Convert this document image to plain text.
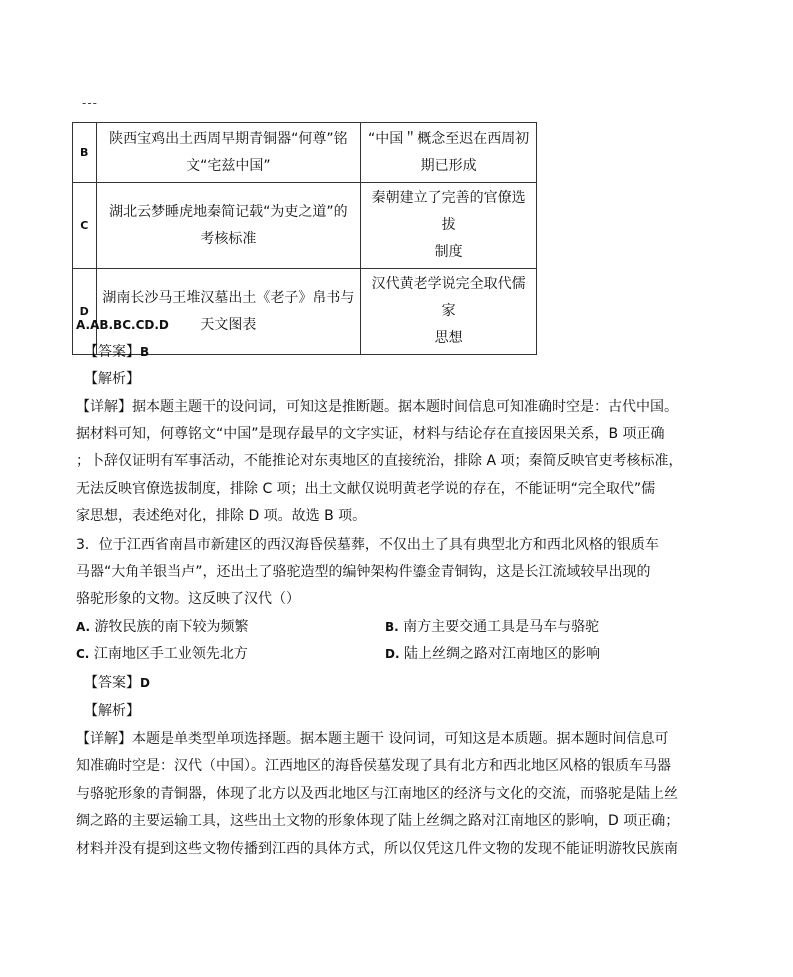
---
B	陕西宝鸡出土西周早期青铜器“何尊”铭
文“宅兹中国”	“中国＂概念至迟在西周初
期已形成
C	湖北云梦睡虎地秦简记载“为吏之道”的
考核标准	秦朝建立了完善的官僚选拔
制度
D	湖南长沙马王堆汉墓出土《老子》帛书与
天文图表	汉代黄老学说完全取代儒家
思想
A.AB.BC.CD.D
【答案】B
【解析】
【详解】据本题主题干的设问词，可知这是推断题。据本题时间信息可知准确时空是：古代中国。
据材料可知，何尊铭文“中国”是现存最早的文字实证，材料与结论存在直接因果关系，B 项正确
；卜辞仅证明有军事活动，不能推论对东夷地区的直接统治，排除 A 项；秦简反映官吏考核标准，
无法反映官僚选拔制度，排除 C 项；出土文献仅说明黄老学说的存在，不能证明“完全取代”儒
家思想，表述绝对化，排除 D 项。故选 B 项。
3．位于江西省南昌市新建区的西汉海昏侯墓葬，不仅出土了具有典型北方和西北风格的银质车
马器“大角羊银当卢”，还出土了骆驼造型的编钟架构件鎏金青铜钩，这是长江流域较早出现的
骆驼形象的文物。这反映了汉代（）
A. 游牧民族的南下较为频繁	B. 南方主要交通工具是马车与骆驼
C. 江南地区手工业领先北方	D. 陆上丝绸之路对江南地区的影响
【答案】D
【解析】
【详解】本题是单类型单项选择题。据本题主题干 设问词，可知这是本质题。据本题时间信息可
知准确时空是：汉代（中国）。江西地区的海昏侯墓发现了具有北方和西北地区风格的银质车马器
与骆驼形象的青铜器，体现了北方以及西北地区与江南地区的经济与文化的交流，而骆驼是陆上丝
绸之路的主要运输工具，这些出土文物的形象体现了陆上丝绸之路对江南地区的影响，D 项正确；
材料并没有提到这些文物传播到江西的具体方式，所以仅凭这几件文物的发现不能证明游牧民族南
